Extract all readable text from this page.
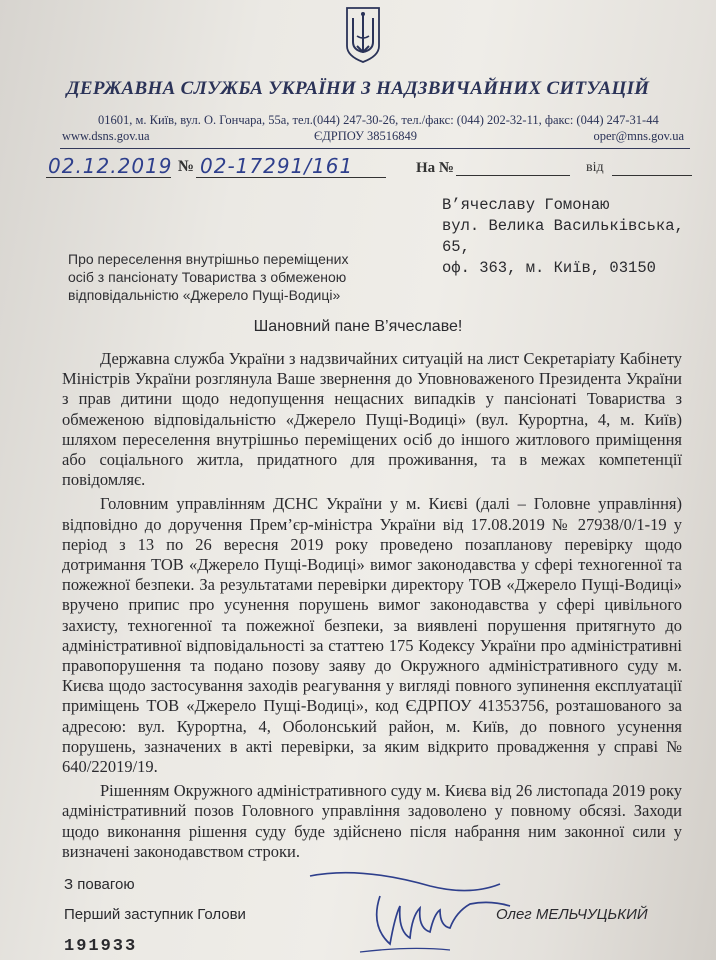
ДЕРЖАВНА СЛУЖБА УКРАЇНИ З НАДЗВИЧАЙНИХ СИТУАЦІЙ
01601, м. Київ, вул. О. Гончара, 55а, тел.(044) 247-30-26, тел./факс: (044) 202-32-11, факс: (044) 247-31-44
www.dsns.gov.ua	ЄДРПОУ 38516849	oper@mns.gov.ua
02.12.2019 № 02-17291/161	На №	від
В’ячеславу Гомонаю
вул. Велика Васильківська, 65,
оф. 363, м. Київ, 03150
Про переселення внутрішньо переміщених осіб з пансіонату Товариства з обмеженою відповідальністю «Джерело Пущі-Водиці»
Шановний пане В’ячеславе!

Державна служба України з надзвичайних ситуацій на лист Секретаріату Кабінету Міністрів України розглянула Ваше звернення до Уповноваженого Президента України з прав дитини щодо недопущення нещасних випадків у пансіонаті Товариства з обмеженою відповідальністю «Джерело Пущі-Водиці» (вул. Курортна, 4, м. Київ) шляхом переселення внутрішньо переміщених осіб до іншого житлового приміщення або соціального житла, придатного для проживання, та в межах компетенції повідомляє.

Головним управлінням ДСНС України у м. Києві (далі – Головне управління) відповідно до доручення Прем’єр-міністра України від 17.08.2019 № 27938/0/1-19 у період з 13 по 26 вересня 2019 року проведено позапланову перевірку щодо дотримання ТОВ «Джерело Пущі-Водиці» вимог законодавства у сфері техногенної та пожежної безпеки. За результатами перевірки директору ТОВ «Джерело Пущі-Водиці» вручено припис про усунення порушень вимог законодавства у сфері цивільного захисту, техногенної та пожежної безпеки, за виявлені порушення притягнуто до адміністративної відповідальності за статтею 175 Кодексу України про адміністративні правопорушення та подано позову заяву до Окружного адміністративного суду м. Києва щодо застосування заходів реагування у вигляді повного зупинення експлуатації приміщень ТОВ «Джерело Пущі-Водиці», код ЄДРПОУ 41353756, розташованого за адресою: вул. Курортна, 4, Оболонський район, м. Київ, до повного усунення порушень, зазначених в акті перевірки, за яким відкрито провадження у справі № 640/22019/19.

Рішенням Окружного адміністративного суду м. Києва від 26 листопада 2019 року адміністративний позов Головного управління задоволено у повному обсязі. Заходи щодо виконання рішення суду буде здійснено після набрання ним законної сили у визначені законодавством строки.

З повагою
Перший заступник Голови	Олег МЕЛЬЧУЦЬКИЙ
191933
